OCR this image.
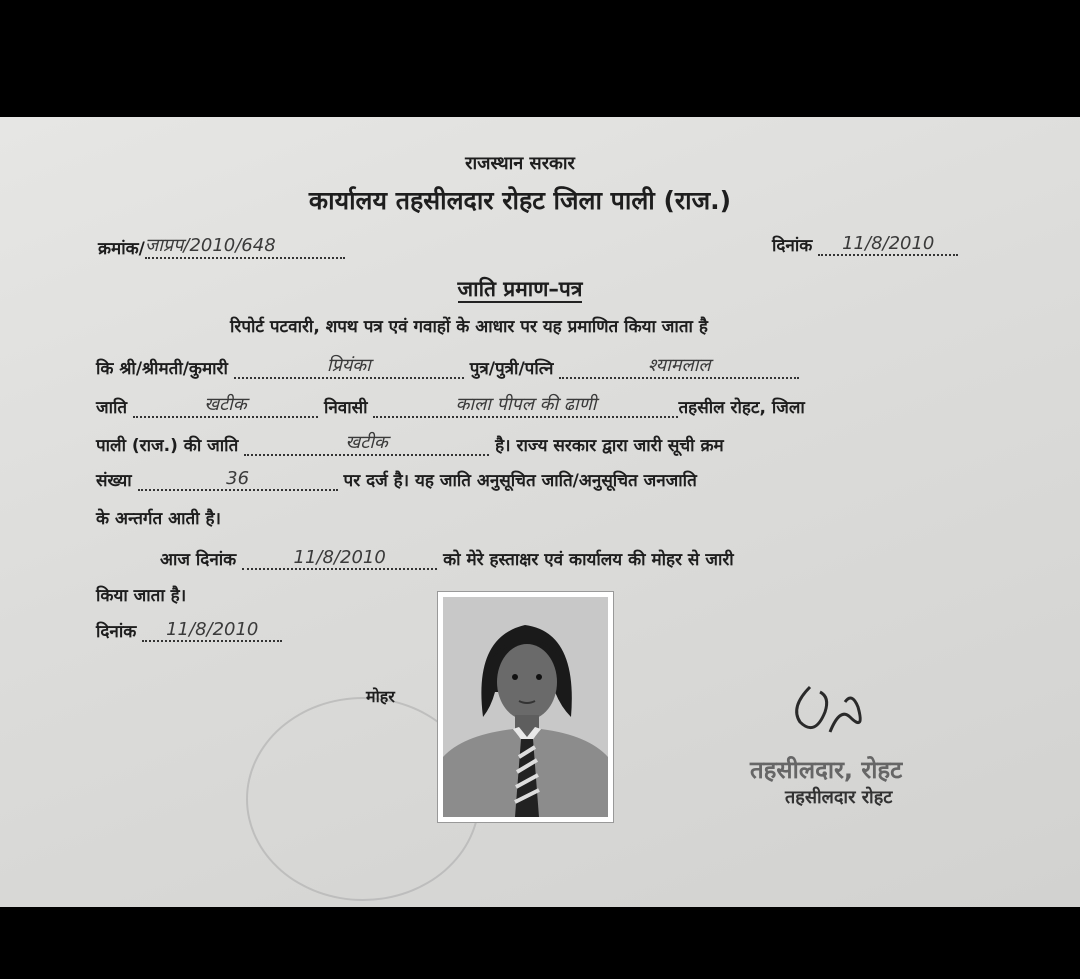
राजस्थान सरकार
कार्यालय तहसीलदार रोहट जिला पाली (राज.)
क्रमांक/जाप्रप/2010/648	दिनांक 11/8/2010
जाति प्रमाण–पत्र
रिपोर्ट पटवारी, शपथ पत्र एवं गवाहों के आधार पर यह प्रमाणित किया जाता है
कि श्री/श्रीमती/कुमारी	प्रियंका	पुत्र/पुत्री/पत्नि	श्यामलाल
जाति	खटीक	निवासी	काला पीपल की ढाणी	तहसील रोहट, जिला
पाली (राज.) की जाति	खटीक	है। राज्य सरकार द्वारा जारी सूची क्रम
संख्या	36	पर दर्ज है। यह जाति अनुसूचित जाति/अनुसूचित जनजाति
के अन्तर्गत आती है।
आज दिनांक	11/8/2010	को मेरे हस्ताक्षर एवं कार्यालय की मोहर से जारी
किया जाता है।
दिनांक 11/8/2010
मोहर
तहसीलदार, रोहट
तहसीलदार रोहट
